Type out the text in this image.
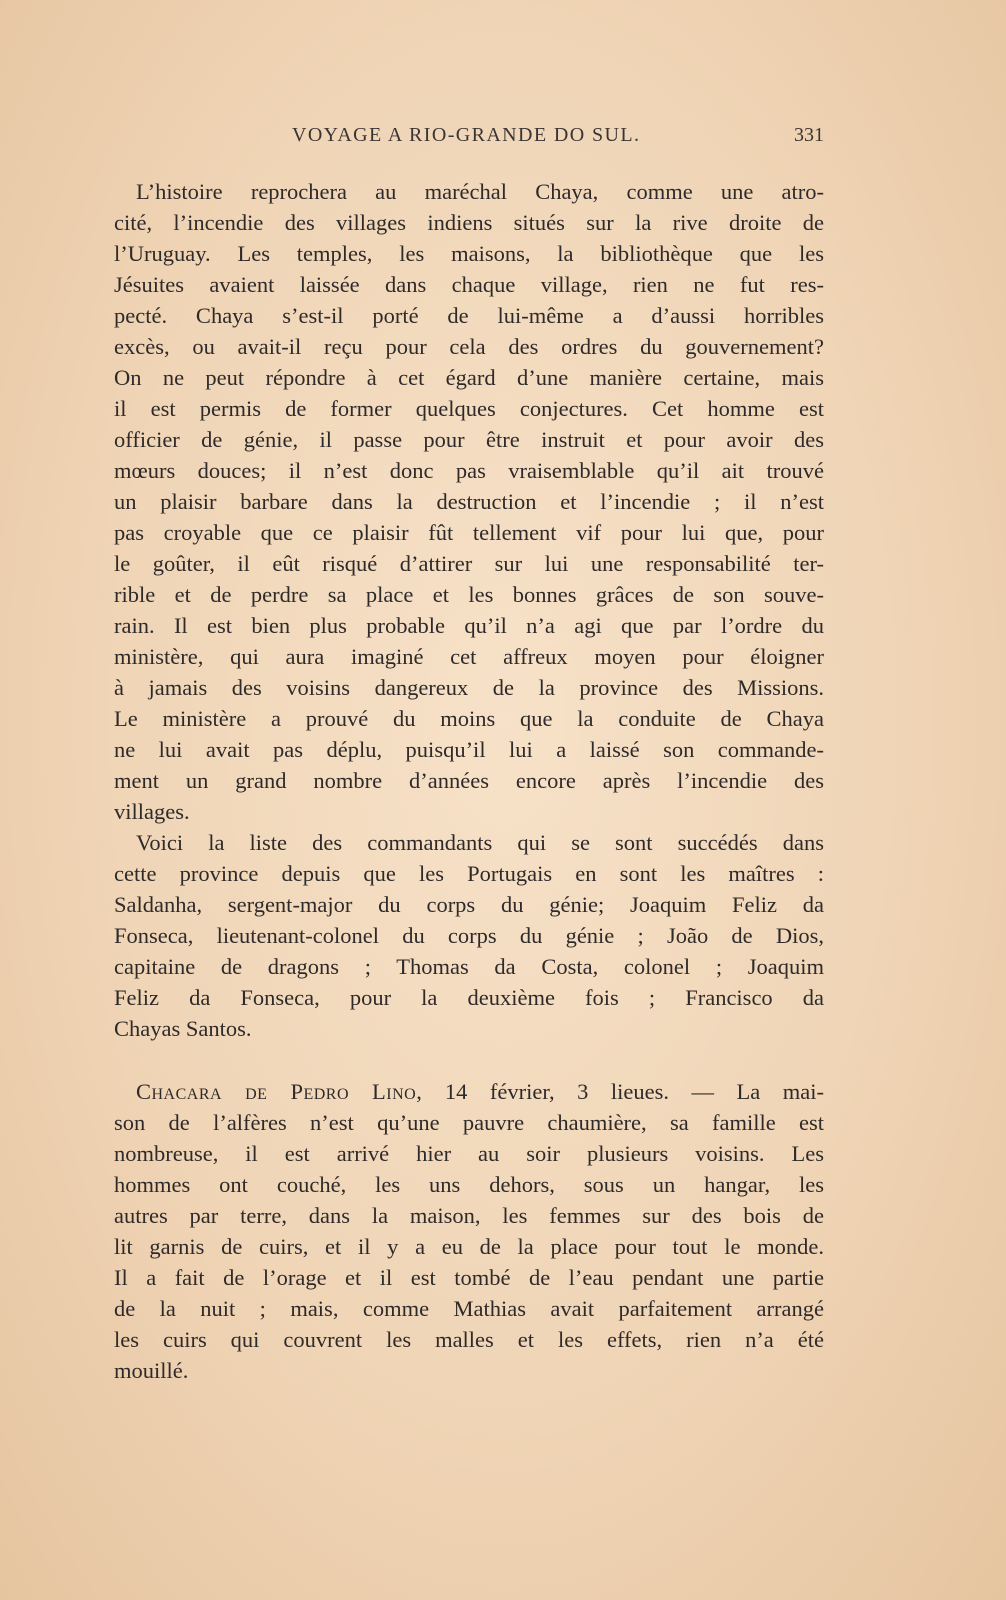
VOYAGE A RIO-GRANDE DO SUL.	331

L’histoire reprochera au maréchal Chaya, comme une atro-
cité, l’incendie des villages indiens situés sur la rive droite de
l’Uruguay. Les temples, les maisons, la bibliothèque que les
Jésuites avaient laissée dans chaque village, rien ne fut res-
pecté. Chaya s’est-il porté de lui-même a d’aussi horribles
excès, ou avait-il reçu pour cela des ordres du gouvernement?
On ne peut répondre à cet égard d’une manière certaine, mais
il est permis de former quelques conjectures. Cet homme est
officier de génie, il passe pour être instruit et pour avoir des
mœurs douces; il n’est donc pas vraisemblable qu’il ait trouvé
un plaisir barbare dans la destruction et l’incendie ; il n’est
pas croyable que ce plaisir fût tellement vif pour lui que, pour
le goûter, il eût risqué d’attirer sur lui une responsabilité ter-
rible et de perdre sa place et les bonnes grâces de son souve-
rain. Il est bien plus probable qu’il n’a agi que par l’ordre du
ministère, qui aura imaginé cet affreux moyen pour éloigner
à jamais des voisins dangereux de la province des Missions.
Le ministère a prouvé du moins que la conduite de Chaya
ne lui avait pas déplu, puisqu’il lui a laissé son commande-
ment un grand nombre d’années encore après l’incendie des
villages.

Voici la liste des commandants qui se sont succédés dans
cette province depuis que les Portugais en sont les maîtres :
Saldanha, sergent-major du corps du génie; Joaquim Feliz da
Fonseca, lieutenant-colonel du corps du génie ; João de Dios,
capitaine de dragons ; Thomas da Costa, colonel ; Joaquim
Feliz da Fonseca, pour la deuxième fois ; Francisco da
Chayas Santos.

Chacara de Pedro Lino, 14 février, 3 lieues. — La mai-
son de l’alfères n’est qu’une pauvre chaumière, sa famille est
nombreuse, il est arrivé hier au soir plusieurs voisins. Les
hommes ont couché, les uns dehors, sous un hangar, les
autres par terre, dans la maison, les femmes sur des bois de
lit garnis de cuirs, et il y a eu de la place pour tout le monde.
Il a fait de l’orage et il est tombé de l’eau pendant une partie
de la nuit ; mais, comme Mathias avait parfaitement arrangé
les cuirs qui couvrent les malles et les effets, rien n’a été
mouillé.
